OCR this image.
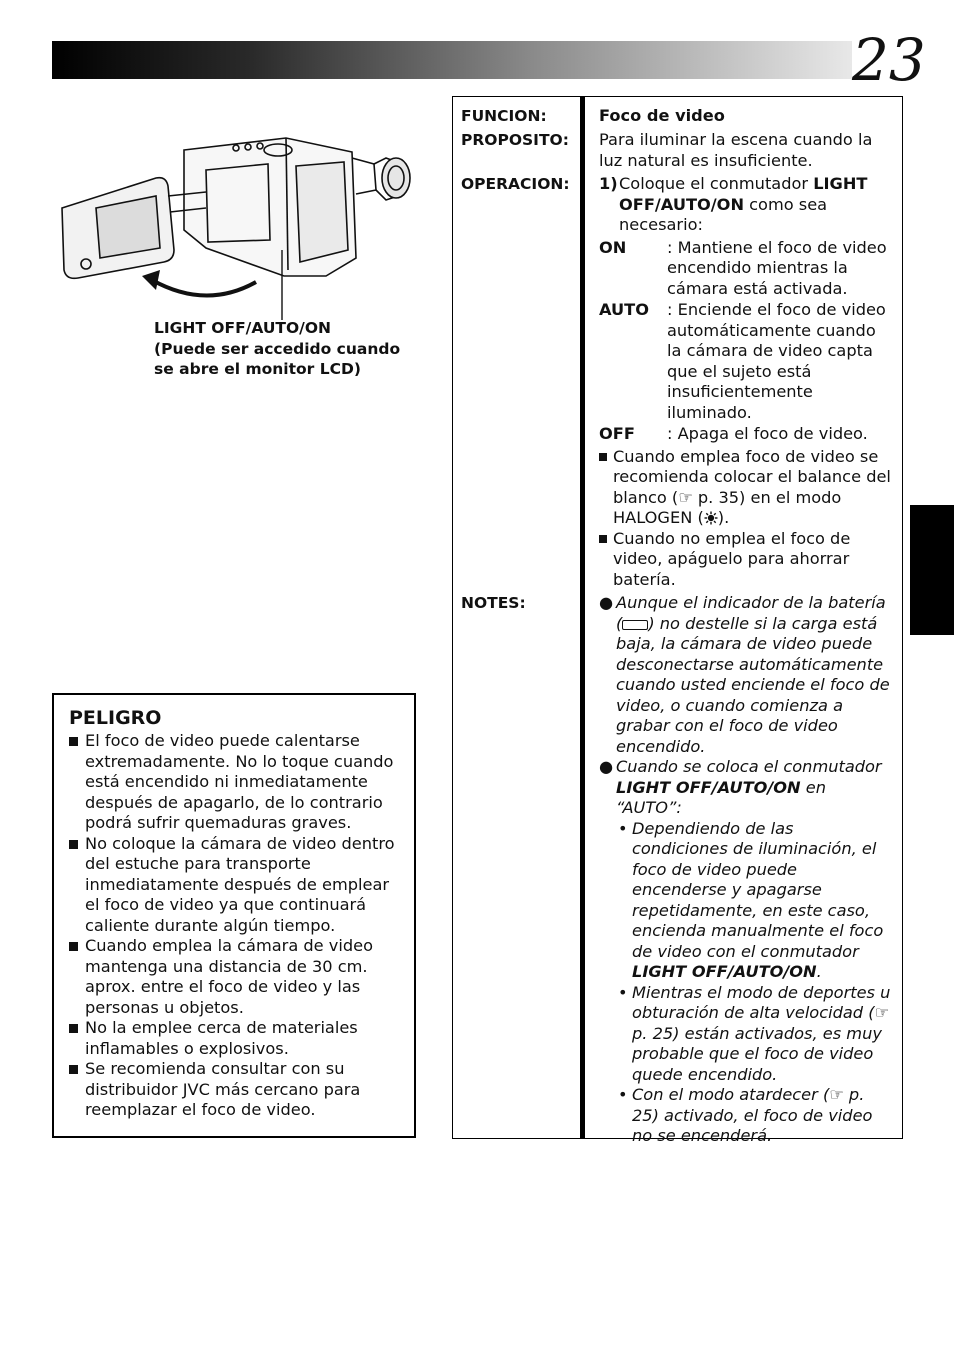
23
LIGHT OFF/AUTO/ON
(Puede ser accedido cuando
se abre el monitor LCD)
PELIGRO
El foco de video puede calentarse extremadamente. No lo toque cuando está encendido ni inmediatamente después de apagarlo, de lo contrario podrá sufrir quemaduras graves.
No coloque la cámara de video dentro del estuche para transporte inmediatamente después de emplear el foco de video ya que continuará caliente durante algún tiempo.
Cuando emplea la cámara de video mantenga una distancia de 30 cm. aprox. entre el foco de video y las personas u objetos.
No la emplee cerca de materiales inflamables o explosivos.
Se recomienda consultar con su distribuidor JVC más cercano para reemplazar el foco de video.
FUNCION:
PROPOSITO:
OPERACION:
NOTES:
Foco de video
Para iluminar la escena cuando la luz natural es insuficiente.
1) Coloque el conmutador LIGHT OFF/AUTO/ON como sea necesario:
ON	: Mantiene el foco de video encendido mientras la cámara está activada.
AUTO : Enciende el foco de video automáticamente cuando la cámara de video capta que el sujeto está insuficientemente iluminado.
OFF : Apaga el foco de video.
Cuando emplea foco de video se recomienda colocar el balance del blanco (☞ p. 35) en el modo HALOGEN ( ).
Cuando no emplea el foco de video, apáguelo para ahorrar batería.
● Aunque el indicador de la batería ( ) no destelle si la carga está baja, la cámara de video puede desconectarse automáticamente cuando usted enciende el foco de video, o cuando comienza a grabar con el foco de video encendido.
● Cuando se coloca el conmutador LIGHT OFF/AUTO/ON en “AUTO”:
• Dependiendo de las condiciones de iluminación, el foco de video puede encenderse y apagarse repetidamente, en este caso, encienda manualmente el foco de video con el conmutador LIGHT OFF/AUTO/ON.
• Mientras el modo de deportes u obturación de alta velocidad (☞ p. 25) están activados, es muy probable que el foco de video quede encendido.
• Con el modo atardecer (☞ p. 25) activado, el foco de video no se encenderá.
